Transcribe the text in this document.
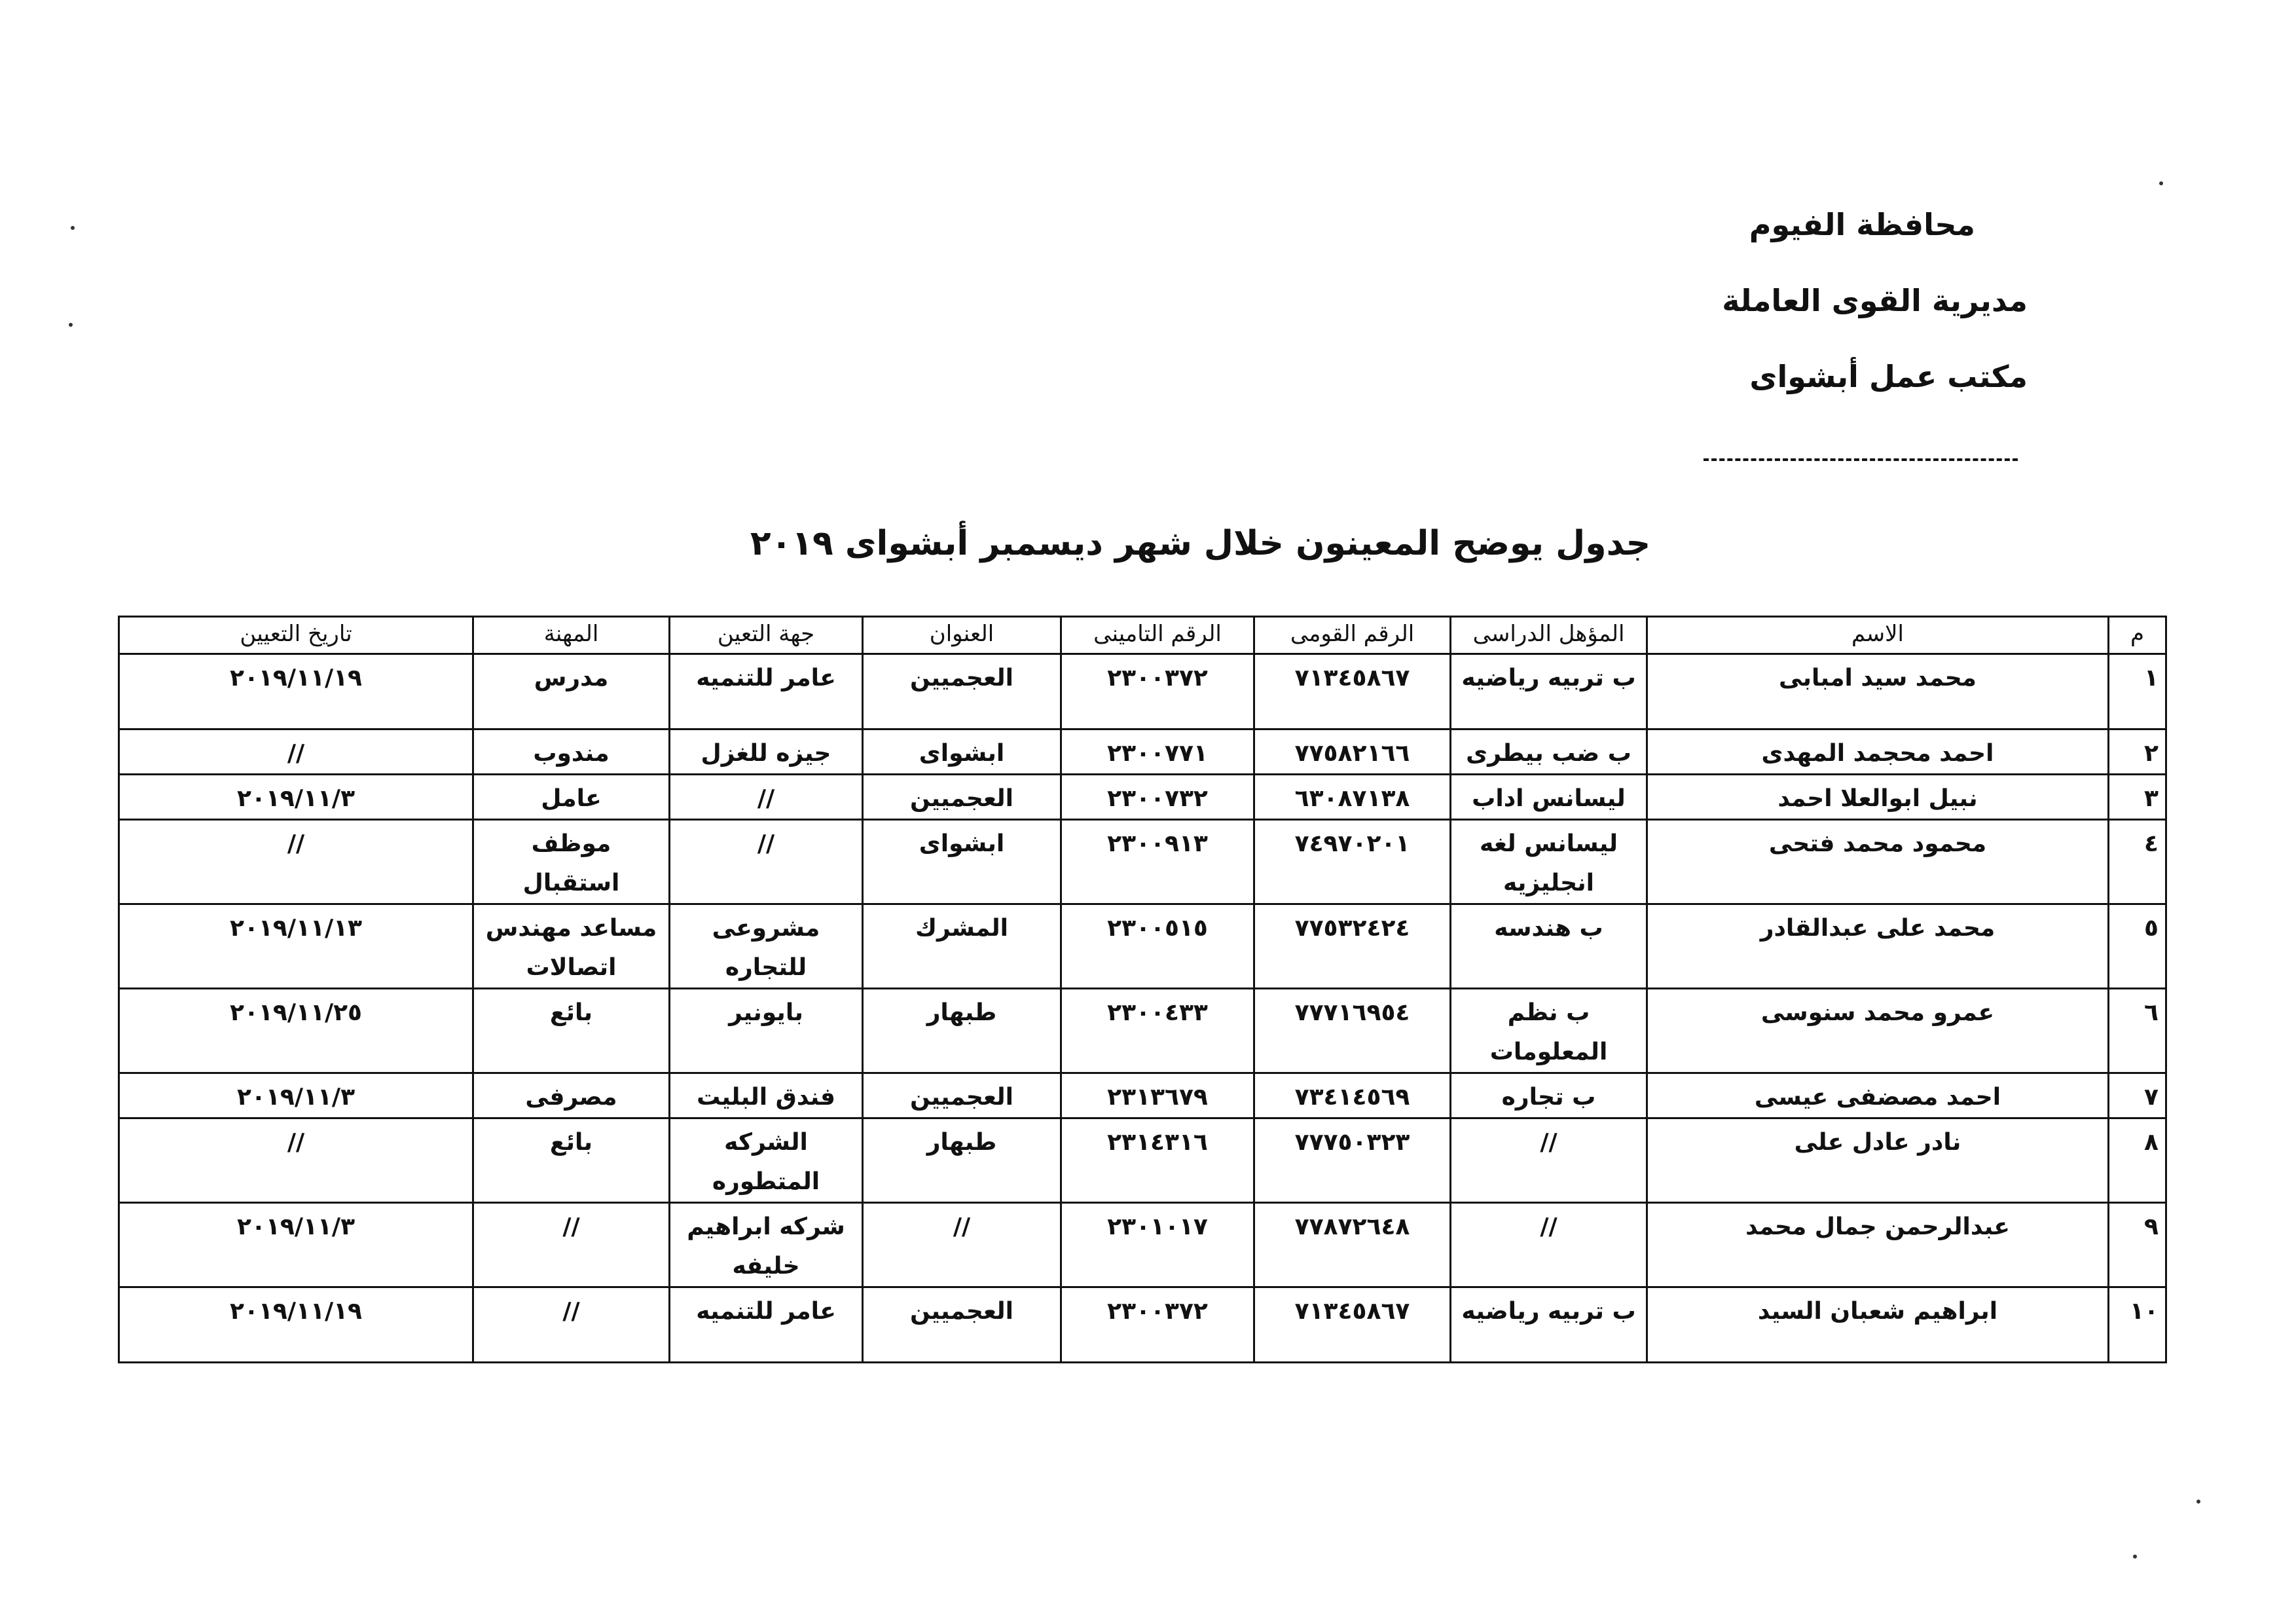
محافظة الفيوم
مديرية القوى العاملة
مكتب عمل أبشواى
جدول يوضح المعينون خلال شهر ديسمبر أبشواى ٢٠١٩
م	الاسم	المؤهل الدراسى	الرقم القومى	الرقم التامينى	العنوان	جهة التعين	المهنة	تاريخ التعيين
١	محمد سيد امبابى	ب تربيه رياضيه	٧١٣٤٥٨٦٧	٢٣٠٠٣٧٢	العجميين	عامر للتنميه	مدرس	٢٠١٩/١١/١٩
٢	احمد محجمد المهدى	ب ضب بيطرى	٧٧٥٨٢١٦٦	٢٣٠٠٧٧١	ابشواى	جيزه للغزل	مندوب	//
٣	نبيل ابوالعلا احمد	ليسانس اداب	٦٣٠٨٧١٣٨	٢٣٠٠٧٣٢	العجميين	//	عامل	٢٠١٩/١١/٣
٤	محمود محمد فتحى	ليسانس لغه انجليزيه	٧٤٩٧٠٢٠١	٢٣٠٠٩١٣	ابشواى	//	موظف استقبال	//
٥	محمد على عبدالقادر	ب هندسه	٧٧٥٣٢٤٢٤	٢٣٠٠٥١٥	المشرك	مشروعى للتجاره	مساعد مهندس اتصالات	٢٠١٩/١١/١٣
٦	عمرو محمد سنوسى	ب نظم المعلومات	٧٧٧١٦٩٥٤	٢٣٠٠٤٣٣	طبهار	بايونير	بائع	٢٠١٩/١١/٢٥
٧	احمد مصضفى عيسى	ب تجاره	٧٣٤١٤٥٦٩	٢٣١٣٦٧٩	العجميين	فندق البليت	مصرفى	٢٠١٩/١١/٣
٨	نادر عادل على	//	٧٧٧٥٠٣٢٣	٢٣١٤٣١٦	طبهار	الشركه المتطوره	بائع	//
٩	عبدالرحمن جمال محمد	//	٧٧٨٧٢٦٤٨	٢٣٠١٠١٧	//	شركه ابراهيم خليفه	//	٢٠١٩/١١/٣
١٠	ابراهيم شعبان السيد	ب تربيه رياضيه	٧١٣٤٥٨٦٧	٢٣٠٠٣٧٢	العجميين	عامر للتنميه	//	٢٠١٩/١١/١٩
